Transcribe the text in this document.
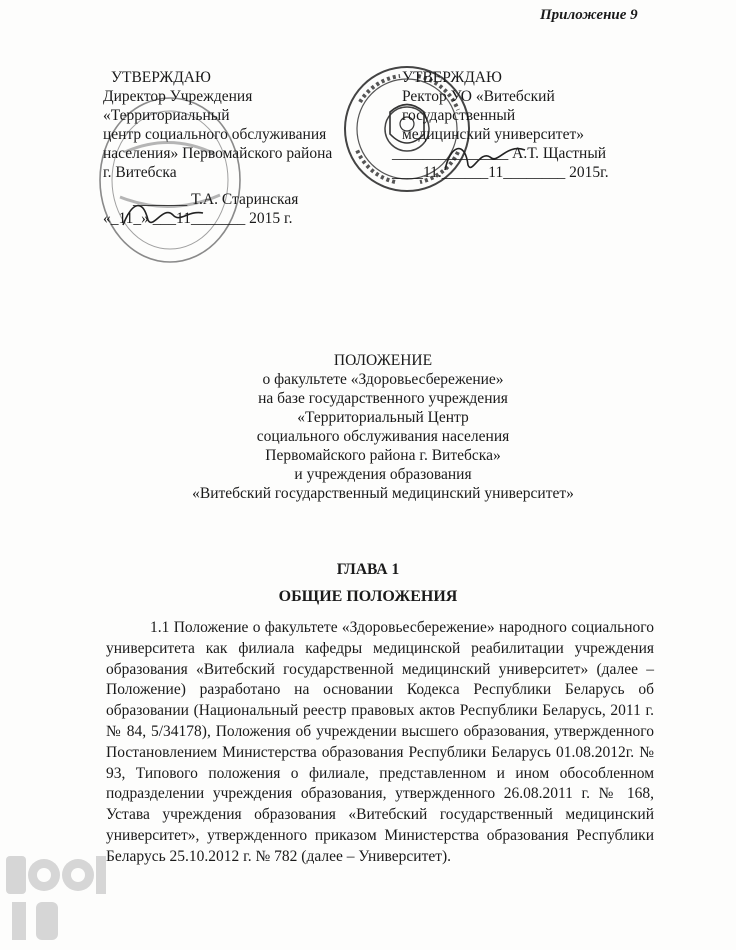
Приложение 9
УТВЕРЖДАЮ
Директор Учреждения
«Территориальный
центр социального обслуживания
населения» Первомайского района
г. Витебска
_______ Т.А. Старинская
«_11_» ___11_______ 2015 г.
УТВЕРЖДАЮ
Ректор УО «Витебский
государственный
медицинский университет»
_______________ А.Т. Щастный
____11.______11________ 2015г.
ПОЛОЖЕНИЕ
о факультете «Здоровьесбережение»
на базе государственного учреждения
«Территориальный Центр
социального обслуживания населения
Первомайского района г. Витебска»
и учреждения образования
«Витебский государственный медицинский университет»
ГЛАВА 1
ОБЩИЕ ПОЛОЖЕНИЯ

1.1 Положение о факультете «Здоровьесбережение» народного социального университета как филиала кафедры медицинской реабилитации учреждения образования «Витебский государственной медицинский университет» (далее – Положение) разработано на основании Кодекса Республики Беларусь об образовании (Национальный реестр правовых актов Республики Беларусь, 2011 г. № 84, 5/34178), Положения об учреждении высшего образования, утвержденного Постановлением Министерства образования Республики Беларусь 01.08.2012г. № 93, Типового положения о филиале, представленном и ином обособленном подразделении учреждения образования, утвержденного 26.08.2011 г. № 168, Устава учреждения образования «Витебский государственный медицинский университет», утвержденного приказом Министерства образования Республики Беларусь 25.10.2012 г. № 782 (далее – Университет).
